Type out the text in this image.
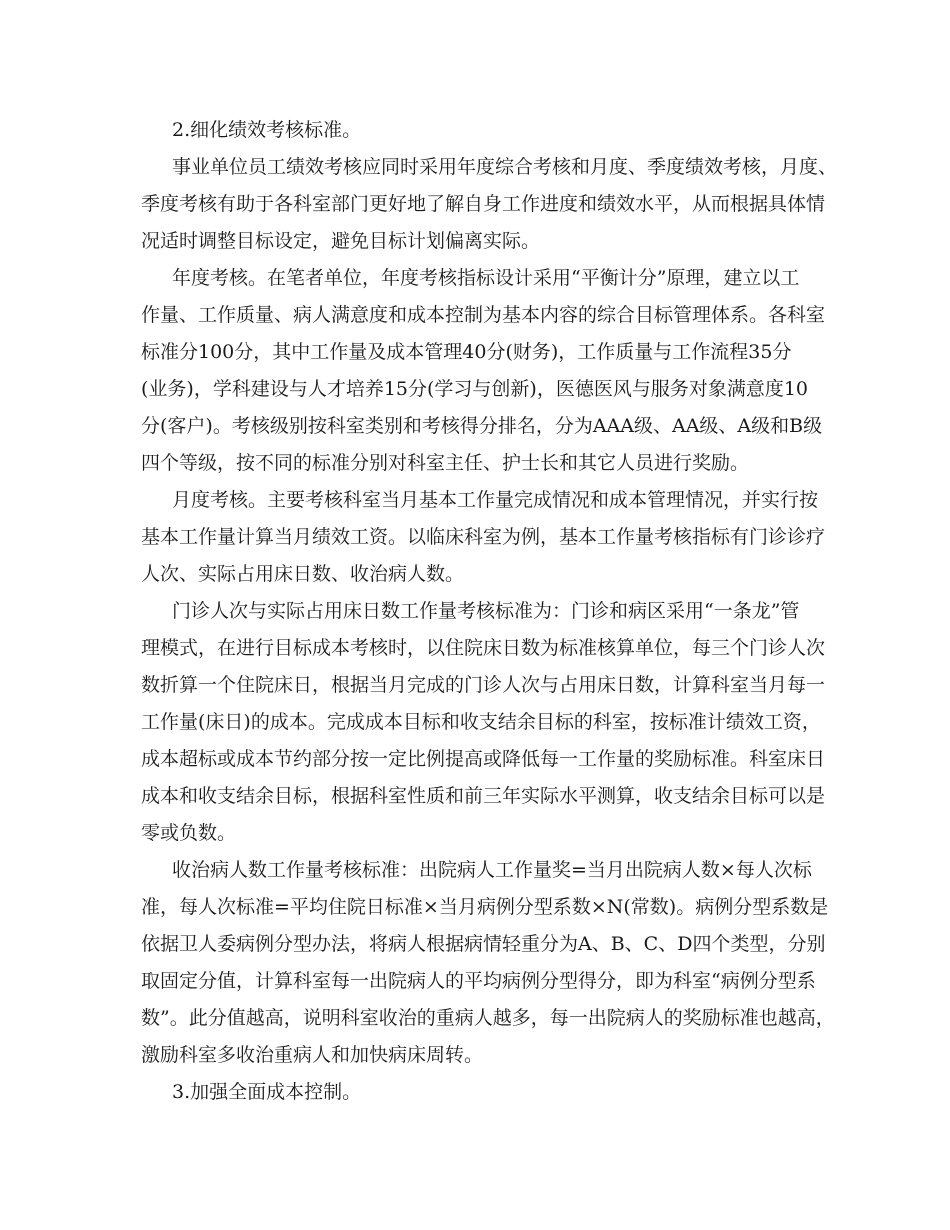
2.细化绩效考核标准。
事业单位员工绩效考核应同时采用年度综合考核和月度、季度绩效考核，月度、
季度考核有助于各科室部门更好地了解自身工作进度和绩效水平，从而根据具体情
况适时调整目标设定，避免目标计划偏离实际。
年度考核。在笔者单位，年度考核指标设计采用“平衡计分”原理，建立以工
作量、工作质量、病人满意度和成本控制为基本内容的综合目标管理体系。各科室
标准分100分，其中工作量及成本管理40分(财务)，工作质量与工作流程35分
(业务)，学科建设与人才培养15分(学习与创新)，医德医风与服务对象满意度10
分(客户)。考核级别按科室类别和考核得分排名，分为AAA级、AA级、A级和B级
四个等级，按不同的标准分别对科室主任、护士长和其它人员进行奖励。
月度考核。主要考核科室当月基本工作量完成情况和成本管理情况，并实行按
基本工作量计算当月绩效工资。以临床科室为例，基本工作量考核指标有门诊诊疗
人次、实际占用床日数、收治病人数。
门诊人次与实际占用床日数工作量考核标准为：门诊和病区采用“一条龙”管
理模式，在进行目标成本考核时，以住院床日数为标准核算单位，每三个门诊人次
数折算一个住院床日，根据当月完成的门诊人次与占用床日数，计算科室当月每一
工作量(床日)的成本。完成成本目标和收支结余目标的科室，按标准计绩效工资，
成本超标或成本节约部分按一定比例提高或降低每一工作量的奖励标准。科室床日
成本和收支结余目标，根据科室性质和前三年实际水平测算，收支结余目标可以是
零或负数。
收治病人数工作量考核标准：出院病人工作量奖=当月出院病人数×每人次标
准，每人次标准=平均住院日标准×当月病例分型系数×N(常数)。病例分型系数是
依据卫人委病例分型办法，将病人根据病情轻重分为A、B、C、D四个类型，分别
取固定分值，计算科室每一出院病人的平均病例分型得分，即为科室“病例分型系
数”。此分值越高，说明科室收治的重病人越多，每一出院病人的奖励标准也越高，
激励科室多收治重病人和加快病床周转。
3.加强全面成本控制。
